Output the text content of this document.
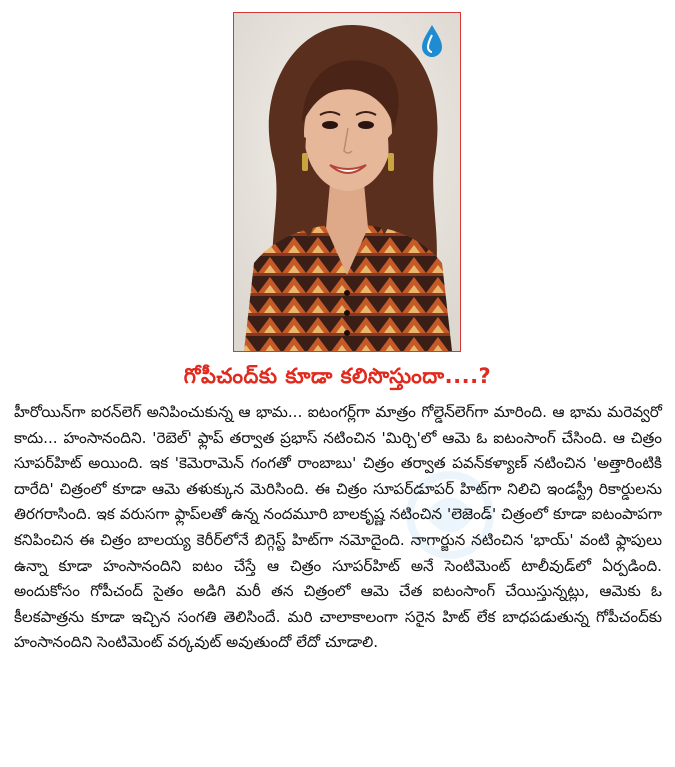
గోపీచంద్‌కు కూడా కలిసొస్తుందా....?

హీరోయిన్‌గా ఐరన్‌లెగ్ అనిపించుకున్న ఆ భామ... ఐటంగర్ల్‌గా మాత్రం గోల్డెన్‌లెగ్‌గా మారింది. ఆ భామ మరెవ్వరో కాదు... హంసానందిని. 'రెబెల్' ఫ్లాప్ తర్వాత ప్రభాస్ నటించిన 'మిర్చి'లో ఆమె ఓ ఐటంసాంగ్ చేసింది. ఆ చిత్రం సూపర్‌హిట్ అయింది. ఇక 'కెమెరామెన్ గంగతో రాంబాబు' చిత్రం తర్వాత పవన్‌కళ్యాణ్ నటించిన 'అత్తారింటికి దారేది' చిత్రంలో కూడా ఆమె తళుక్కున మెరిసింది. ఈ చిత్రం సూపర్‌డూపర్ హిట్‌గా నిలిచి ఇండస్ట్రీ రికార్డులను తిరగరాసింది. ఇక వరుసగా ఫ్లాప్‌లతో ఉన్న నందమూరి బాలకృష్ణ నటించిన 'లెజెండ్' చిత్రంలో కూడా ఐటంపాపగా కనిపించిన ఈ చిత్రం బాలయ్య కెరీర్‌లోనే బిగ్గెస్ట్ హిట్‌గా నమోదైంది. నాగార్జున నటించిన 'భాయ్' వంటి ఫ్లాపులు ఉన్నా కూడా హంసానందిని ఐటం చేస్తే ఆ చిత్రం సూపర్‌హిట్ అనే సెంటిమెంట్ టాలీవుడ్‌లో ఏర్పడింది. అందుకోసం గోపీచంద్ సైతం అడిగి మరీ తన చిత్రంలో ఆమె చేత ఐటంసాంగ్ చేయిస్తున్నట్లు, ఆమెకు ఓ కీలకపాత్రను కూడా ఇచ్చిన సంగతి తెలిసిందే. మరి చాలాకాలంగా సరైన హిట్ లేక బాధపడుతున్న గోపీచంద్‌కు హంసానందిని సెంటిమెంట్ వర్కవుట్ అవుతుందో లేదో చూడాలి.
